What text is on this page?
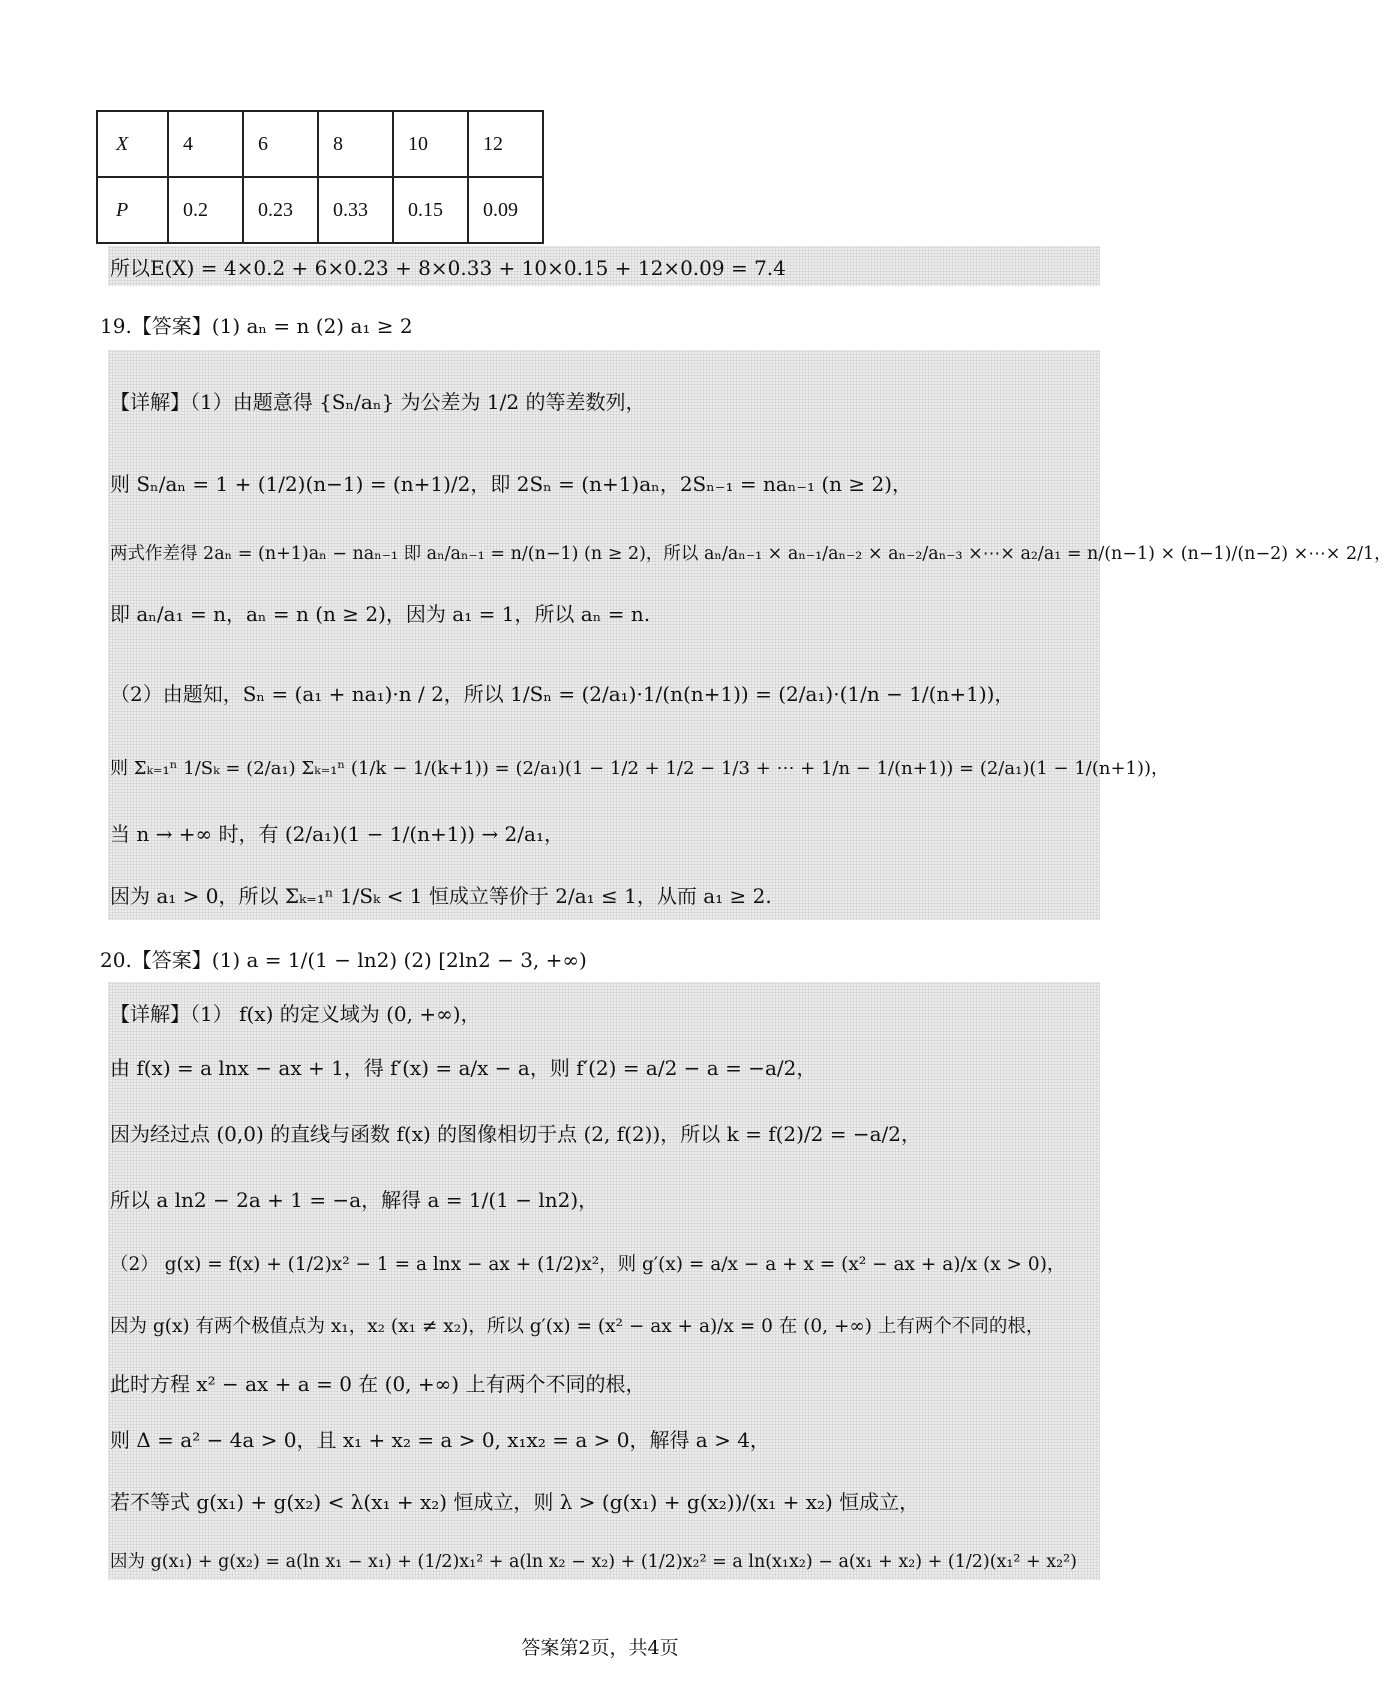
X	4	6	8	10	12
P	0.2	0.23	0.33	0.15	0.09
所以E(X) = 4×0.2 + 6×0.23 + 8×0.33 + 10×0.15 + 12×0.09 = 7.4
19.【答案】(1) aₙ = n (2) a₁ ≥ 2
【详解】（1）由题意得 {Sₙ/aₙ} 为公差为 1/2 的等差数列，
则 Sₙ/aₙ = 1 + (1/2)(n−1) = (n+1)/2，即 2Sₙ = (n+1)aₙ，2Sₙ₋₁ = naₙ₋₁ (n ≥ 2)，
两式作差得 2aₙ = (n+1)aₙ − naₙ₋₁ 即 aₙ/aₙ₋₁ = n/(n−1) (n ≥ 2)，所以 aₙ/aₙ₋₁ × aₙ₋₁/aₙ₋₂ × aₙ₋₂/aₙ₋₃ ×⋯× a₂/a₁ = n/(n−1) × (n−1)/(n−2) ×⋯× 2/1，
即 aₙ/a₁ = n，aₙ = n (n ≥ 2)，因为 a₁ = 1，所以 aₙ = n.
（2）由题知，Sₙ = (a₁ + na₁)·n / 2，所以 1/Sₙ = (2/a₁)·1/(n(n+1)) = (2/a₁)·(1/n − 1/(n+1))，
则 Σₖ₌₁ⁿ 1/Sₖ = (2/a₁) Σₖ₌₁ⁿ (1/k − 1/(k+1)) = (2/a₁)(1 − 1/2 + 1/2 − 1/3 + ⋯ + 1/n − 1/(n+1)) = (2/a₁)(1 − 1/(n+1))，
当 n → +∞ 时，有 (2/a₁)(1 − 1/(n+1)) → 2/a₁，
因为 a₁ > 0，所以 Σₖ₌₁ⁿ 1/Sₖ < 1 恒成立等价于 2/a₁ ≤ 1，从而 a₁ ≥ 2.
20.【答案】(1) a = 1/(1 − ln2) (2) [2ln2 − 3, +∞)
【详解】（1） f(x) 的定义域为 (0, +∞)，
由 f(x) = a lnx − ax + 1，得 f′(x) = a/x − a，则 f′(2) = a/2 − a = −a/2，
因为经过点 (0,0) 的直线与函数 f(x) 的图像相切于点 (2, f(2))，所以 k = f(2)/2 = −a/2，
所以 a ln2 − 2a + 1 = −a，解得 a = 1/(1 − ln2)，
（2） g(x) = f(x) + (1/2)x² − 1 = a lnx − ax + (1/2)x²，则 g′(x) = a/x − a + x = (x² − ax + a)/x (x > 0)，
因为 g(x) 有两个极值点为 x₁，x₂ (x₁ ≠ x₂)，所以 g′(x) = (x² − ax + a)/x = 0 在 (0, +∞) 上有两个不同的根，
此时方程 x² − ax + a = 0 在 (0, +∞) 上有两个不同的根，
则 Δ = a² − 4a > 0，且 x₁ + x₂ = a > 0, x₁x₂ = a > 0，解得 a > 4，
若不等式 g(x₁) + g(x₂) < λ(x₁ + x₂) 恒成立，则 λ > (g(x₁) + g(x₂))/(x₁ + x₂) 恒成立，
因为 g(x₁) + g(x₂) = a(ln x₁ − x₁) + (1/2)x₁² + a(ln x₂ − x₂) + (1/2)x₂² = a ln(x₁x₂) − a(x₁ + x₂) + (1/2)(x₁² + x₂²)
答案第2页，共4页
